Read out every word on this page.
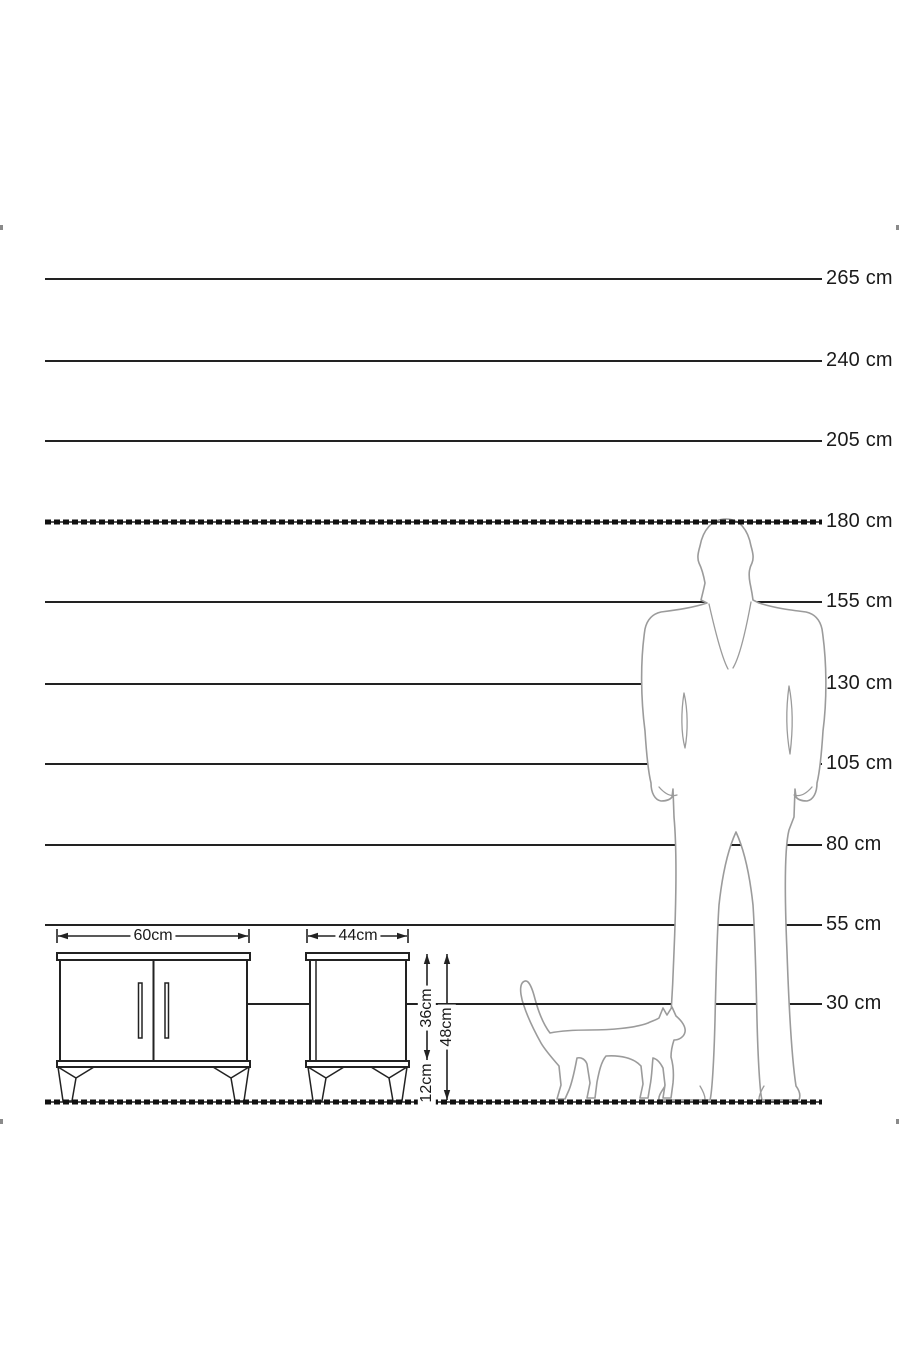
265 cm
240 cm
205 cm
180 cm
155 cm
130 cm
105 cm
80 cm
55 cm
30 cm
60cm	44cm
36cm
12cm
48cm
